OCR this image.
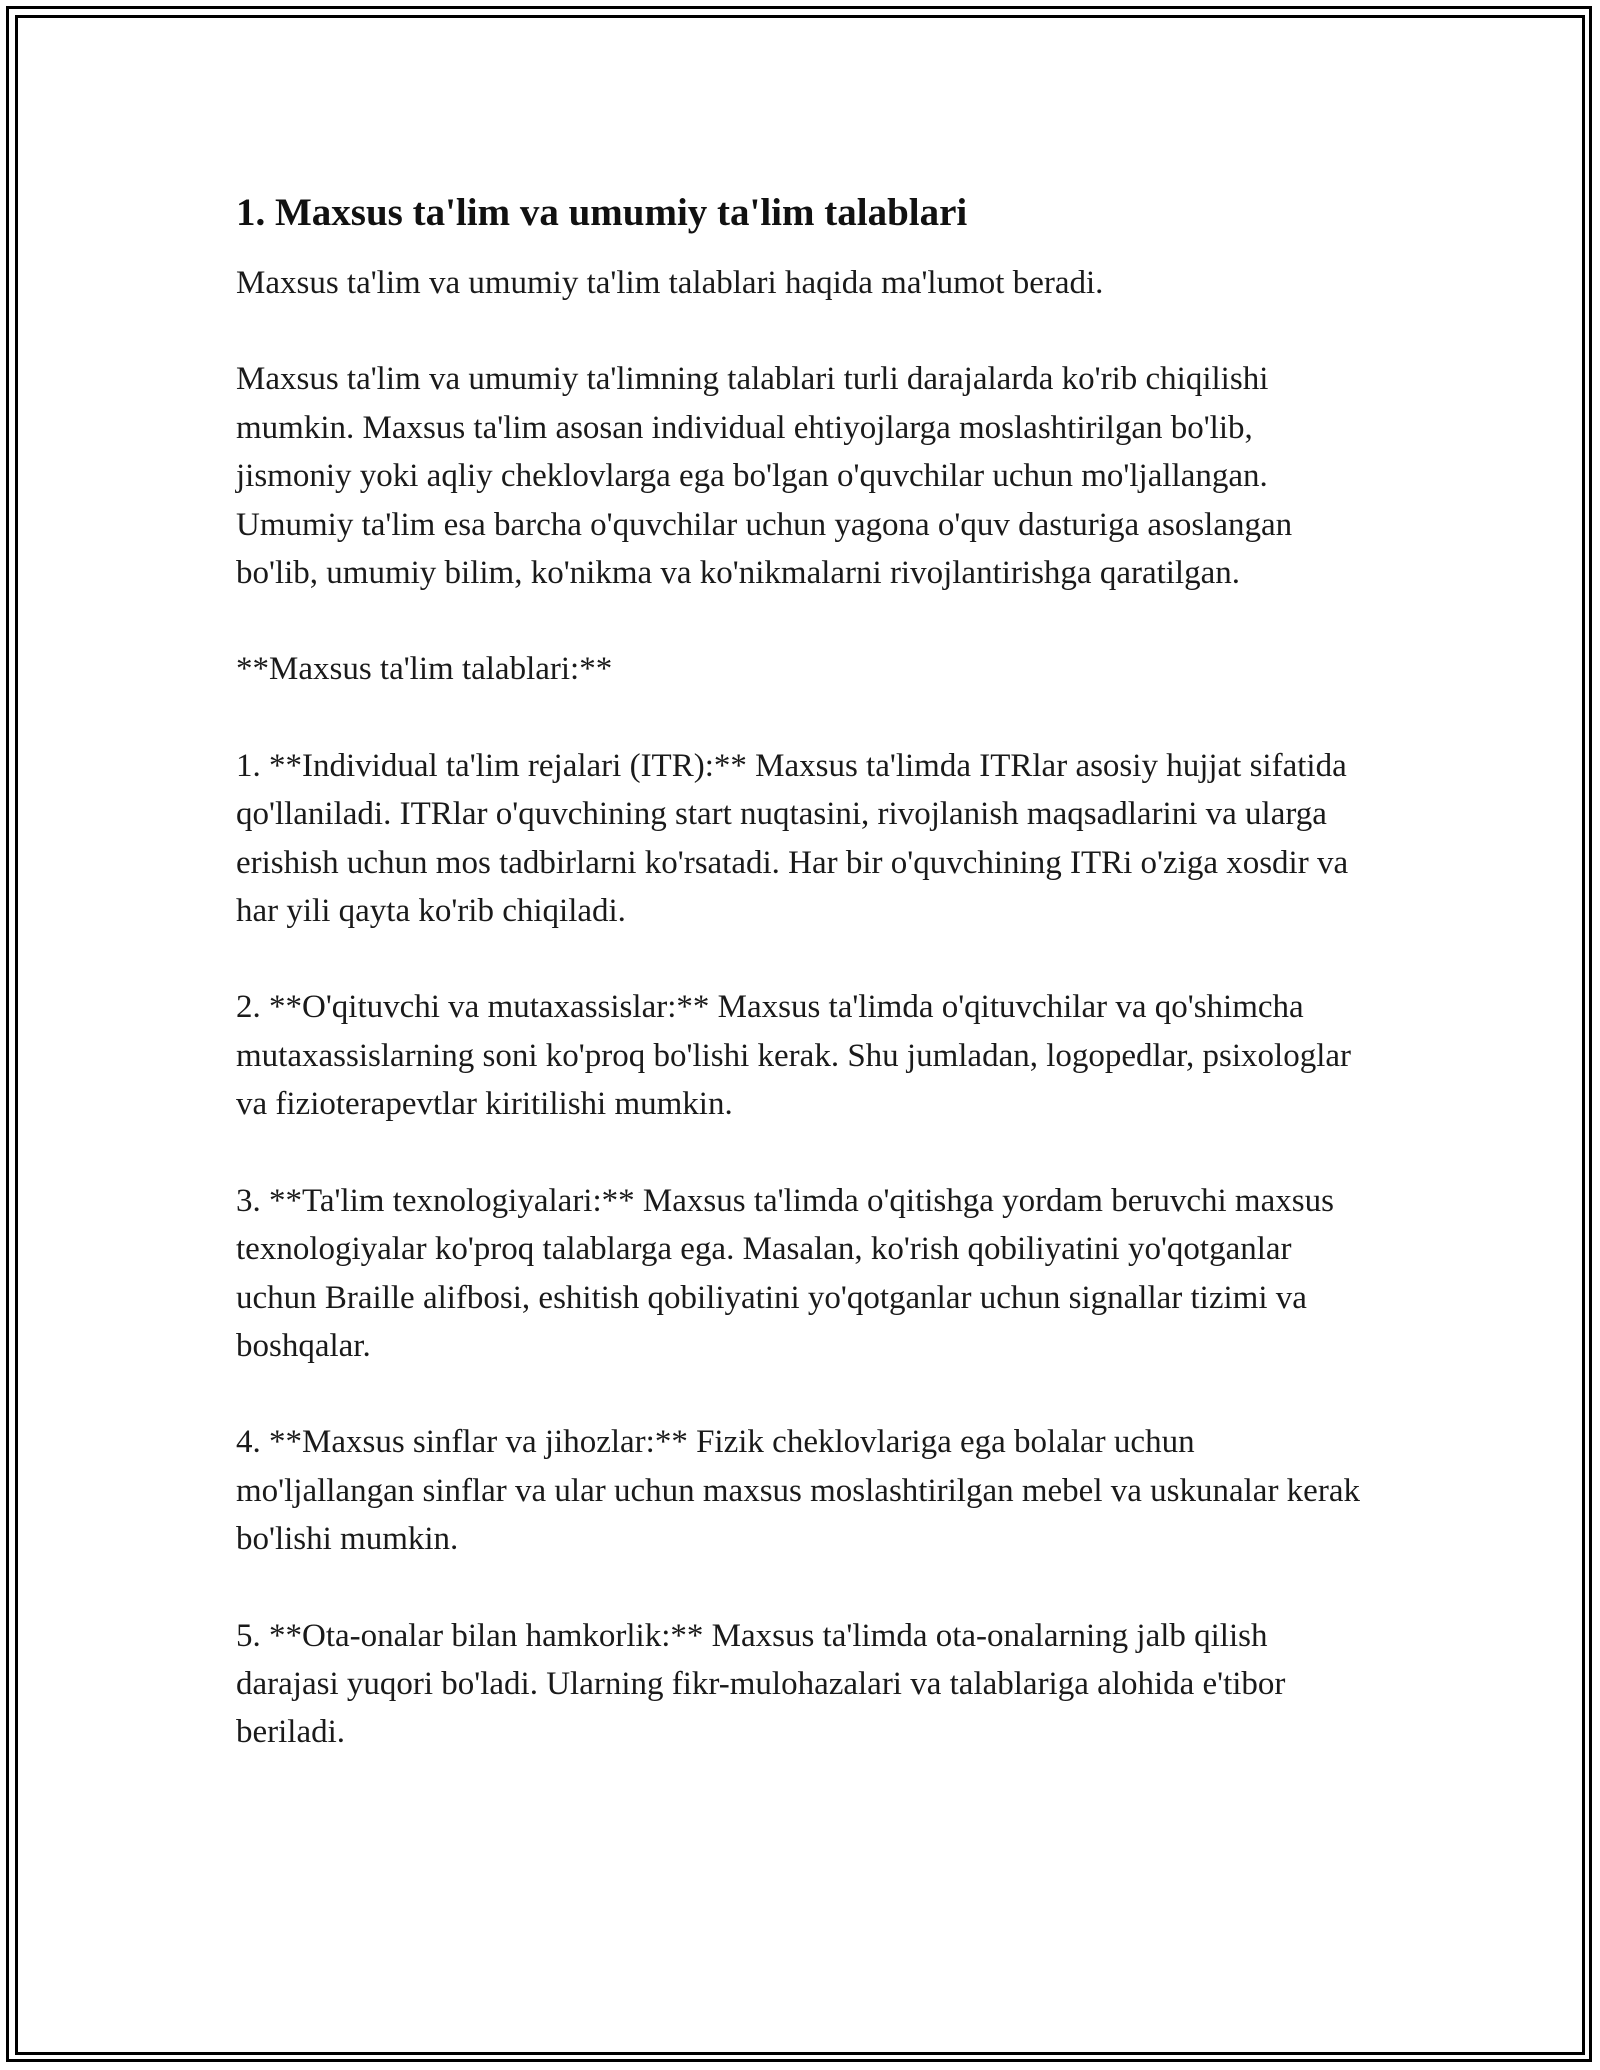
1. Maxsus ta'lim va umumiy ta'lim talablari

Maxsus ta'lim va umumiy ta'lim talablari haqida ma'lumot beradi.

Maxsus ta'lim va umumiy ta'limning talablari turli darajalarda ko'rib chiqilishi mumkin. Maxsus ta'lim asosan individual ehtiyojlarga moslashtirilgan bo'lib, jismoniy yoki aqliy cheklovlarga ega bo'lgan o'quvchilar uchun mo'ljallangan. Umumiy ta'lim esa barcha o'quvchilar uchun yagona o'quv dasturiga asoslangan bo'lib, umumiy bilim, ko'nikma va ko'nikmalarni rivojlantirishga qaratilgan.

**Maxsus ta'lim talablari:**

1. **Individual ta'lim rejalari (ITR):** Maxsus ta'limda ITRlar asosiy hujjat sifatida qo'llaniladi. ITRlar o'quvchining start nuqtasini, rivojlanish maqsadlarini va ularga erishish uchun mos tadbirlarni ko'rsatadi. Har bir o'quvchining ITRi o'ziga xosdir va har yili qayta ko'rib chiqiladi.

2. **O'qituvchi va mutaxassislar:** Maxsus ta'limda o'qituvchilar va qo'shimcha mutaxassislarning soni ko'proq bo'lishi kerak. Shu jumladan, logopedlar, psixologlar va fizioterapevtlar kiritilishi mumkin.

3. **Ta'lim texnologiyalari:** Maxsus ta'limda o'qitishga yordam beruvchi maxsus texnologiyalar ko'proq talablarga ega. Masalan, ko'rish qobiliyatini yo'qotganlar uchun Braille alifbosi, eshitish qobiliyatini yo'qotganlar uchun signallar tizimi va boshqalar.

4. **Maxsus sinflar va jihozlar:** Fizik cheklovlariga ega bolalar uchun mo'ljallangan sinflar va ular uchun maxsus moslashtirilgan mebel va uskunalar kerak bo'lishi mumkin.

5. **Ota-onalar bilan hamkorlik:** Maxsus ta'limda ota-onalarning jalb qilish darajasi yuqori bo'ladi. Ularning fikr-mulohazalari va talablariga alohida e'tibor beriladi.
